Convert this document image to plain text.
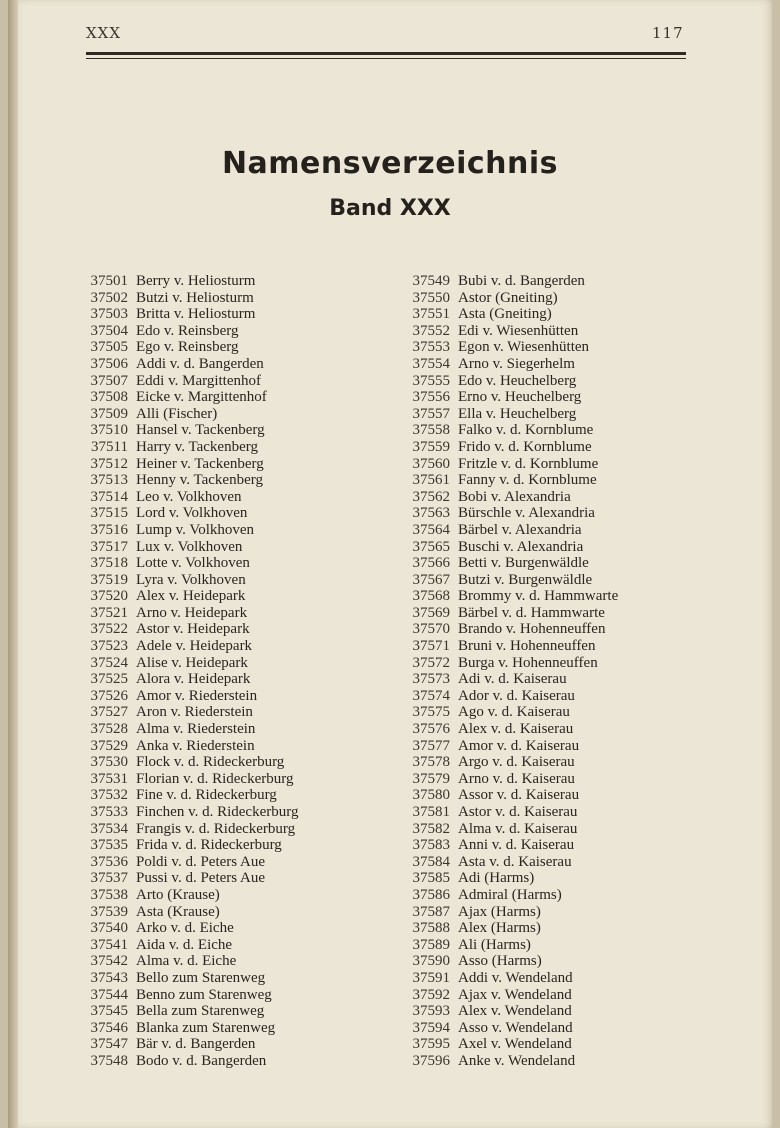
XXX	117
Namensverzeichnis
Band XXX
37501 Berry v. Heliosturm
37502 Butzi v. Heliosturm
37503 Britta v. Heliosturm
37504 Edo v. Reinsberg
37505 Ego v. Reinsberg
37506 Addi v. d. Bangerden
37507 Eddi v. Margittenhof
37508 Eicke v. Margittenhof
37509 Alli (Fischer)
37510 Hansel v. Tackenberg
37511 Harry v. Tackenberg
37512 Heiner v. Tackenberg
37513 Henny v. Tackenberg
37514 Leo v. Volkhoven
37515 Lord v. Volkhoven
37516 Lump v. Volkhoven
37517 Lux v. Volkhoven
37518 Lotte v. Volkhoven
37519 Lyra v. Volkhoven
37520 Alex v. Heidepark
37521 Arno v. Heidepark
37522 Astor v. Heidepark
37523 Adele v. Heidepark
37524 Alise v. Heidepark
37525 Alora v. Heidepark
37526 Amor v. Riederstein
37527 Aron v. Riederstein
37528 Alma v. Riederstein
37529 Anka v. Riederstein
37530 Flock v. d. Rideckerburg
37531 Florian v. d. Rideckerburg
37532 Fine v. d. Rideckerburg
37533 Finchen v. d. Rideckerburg
37534 Frangis v. d. Rideckerburg
37535 Frida v. d. Rideckerburg
37536 Poldi v. d. Peters Aue
37537 Pussi v. d. Peters Aue
37538 Arto (Krause)
37539 Asta (Krause)
37540 Arko v. d. Eiche
37541 Aida v. d. Eiche
37542 Alma v. d. Eiche
37543 Bello zum Starenweg
37544 Benno zum Starenweg
37545 Bella zum Starenweg
37546 Blanka zum Starenweg
37547 Bär v. d. Bangerden
37548 Bodo v. d. Bangerden
37549 Bubi v. d. Bangerden
37550 Astor (Gneiting)
37551 Asta (Gneiting)
37552 Edi v. Wiesenhütten
37553 Egon v. Wiesenhütten
37554 Arno v. Siegerhelm
37555 Edo v. Heuchelberg
37556 Erno v. Heuchelberg
37557 Ella v. Heuchelberg
37558 Falko v. d. Kornblume
37559 Frido v. d. Kornblume
37560 Fritzle v. d. Kornblume
37561 Fanny v. d. Kornblume
37562 Bobi v. Alexandria
37563 Bürschle v. Alexandria
37564 Bärbel v. Alexandria
37565 Buschi v. Alexandria
37566 Betti v. Burgenwäldle
37567 Butzi v. Burgenwäldle
37568 Brommy v. d. Hammwarte
37569 Bärbel v. d. Hammwarte
37570 Brando v. Hohenneuffen
37571 Bruni v. Hohenneuffen
37572 Burga v. Hohenneuffen
37573 Adi v. d. Kaiserau
37574 Ador v. d. Kaiserau
37575 Ago v. d. Kaiserau
37576 Alex v. d. Kaiserau
37577 Amor v. d. Kaiserau
37578 Argo v. d. Kaiserau
37579 Arno v. d. Kaiserau
37580 Assor v. d. Kaiserau
37581 Astor v. d. Kaiserau
37582 Alma v. d. Kaiserau
37583 Anni v. d. Kaiserau
37584 Asta v. d. Kaiserau
37585 Adi (Harms)
37586 Admiral (Harms)
37587 Ajax (Harms)
37588 Alex (Harms)
37589 Ali (Harms)
37590 Asso (Harms)
37591 Addi v. Wendeland
37592 Ajax v. Wendeland
37593 Alex v. Wendeland
37594 Asso v. Wendeland
37595 Axel v. Wendeland
37596 Anke v. Wendeland
